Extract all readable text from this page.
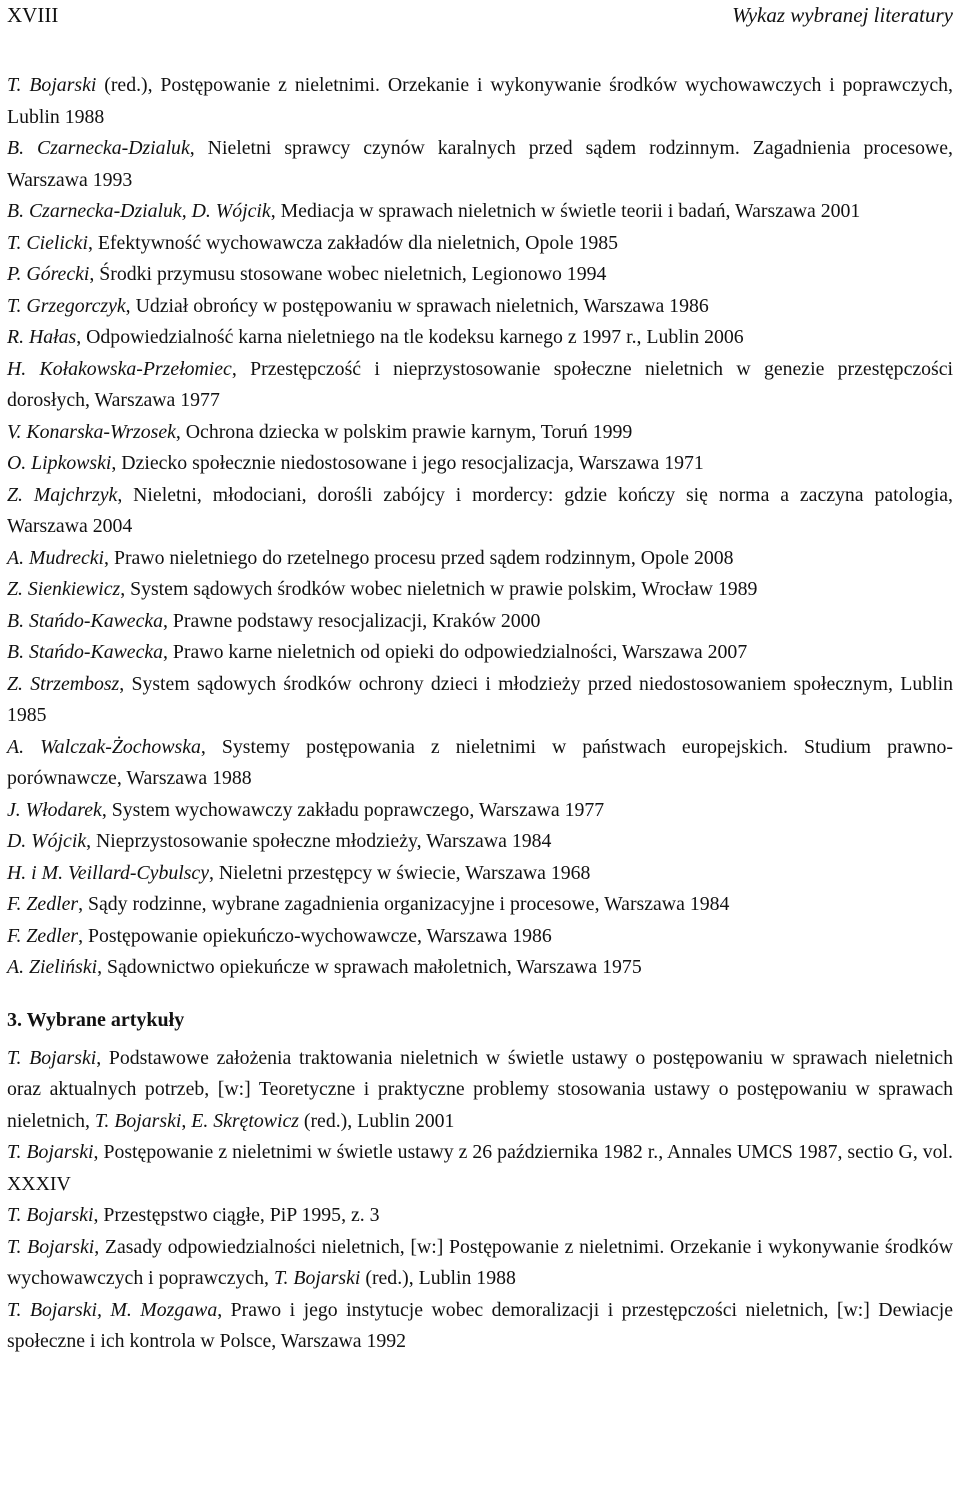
XVIII	Wykaz wybranej literatury

T. Bojarski (red.), Postępowanie z nieletnimi. Orzekanie i wykonywanie środków wychowawczych i poprawczych, Lublin 1988

B. Czarnecka-Dzialuk, Nieletni sprawcy czynów karalnych przed sądem rodzinnym. Zagadnienia procesowe, Warszawa 1993

B. Czarnecka-Dzialuk, D. Wójcik, Mediacja w sprawach nieletnich w świetle teorii i badań, Warszawa 2001

T. Cielicki, Efektywność wychowawcza zakładów dla nieletnich, Opole 1985

P. Górecki, Środki przymusu stosowane wobec nieletnich, Legionowo 1994

T. Grzegorczyk, Udział obrońcy w postępowaniu w sprawach nieletnich, Warszawa 1986

R. Hałas, Odpowiedzialność karna nieletniego na tle kodeksu karnego z 1997 r., Lublin 2006

H. Kołakowska-Przełomiec, Przestępczość i nieprzystosowanie społeczne nieletnich w genezie przestępczości dorosłych, Warszawa 1977

V. Konarska-Wrzosek, Ochrona dziecka w polskim prawie karnym, Toruń 1999

O. Lipkowski, Dziecko społecznie niedostosowane i jego resocjalizacja, Warszawa 1971

Z. Majchrzyk, Nieletni, młodociani, dorośli zabójcy i mordercy: gdzie kończy się norma a zaczyna patologia, Warszawa 2004

A. Mudrecki, Prawo nieletniego do rzetelnego procesu przed sądem rodzinnym, Opole 2008

Z. Sienkiewicz, System sądowych środków wobec nieletnich w prawie polskim, Wrocław 1989

B. Stańdo-Kawecka, Prawne podstawy resocjalizacji, Kraków 2000

B. Stańdo-Kawecka, Prawo karne nieletnich od opieki do odpowiedzialności, Warszawa 2007

Z. Strzembosz, System sądowych środków ochrony dzieci i młodzieży przed niedostosowaniem społecznym, Lublin 1985

A. Walczak-Żochowska, Systemy postępowania z nieletnimi w państwach europejskich. Studium prawno-porównawcze, Warszawa 1988

J. Włodarek, System wychowawczy zakładu poprawczego, Warszawa 1977

D. Wójcik, Nieprzystosowanie społeczne młodzieży, Warszawa 1984

H. i M. Veillard-Cybulscy, Nieletni przestępcy w świecie, Warszawa 1968

F. Zedler, Sądy rodzinne, wybrane zagadnienia organizacyjne i procesowe, Warszawa 1984

F. Zedler, Postępowanie opiekuńczo-wychowawcze, Warszawa 1986

A. Zieliński, Sądownictwo opiekuńcze w sprawach małoletnich, Warszawa 1975

3. Wybrane artykuły

T. Bojarski, Podstawowe założenia traktowania nieletnich w świetle ustawy o postępowaniu w sprawach nieletnich oraz aktualnych potrzeb, [w:] Teoretyczne i praktyczne problemy stosowania ustawy o postępowaniu w sprawach nieletnich, T. Bojarski, E. Skrętowicz (red.), Lublin 2001

T. Bojarski, Postępowanie z nieletnimi w świetle ustawy z 26 października 1982 r., Annales UMCS 1987, sectio G, vol. XXXIV

T. Bojarski, Przestępstwo ciągłe, PiP 1995, z. 3

T. Bojarski, Zasady odpowiedzialności nieletnich, [w:] Postępowanie z nieletnimi. Orzekanie i wykonywanie środków wychowawczych i poprawczych, T. Bojarski (red.), Lublin 1988

T. Bojarski, M. Mozgawa, Prawo i jego instytucje wobec demoralizacji i przestępczości nieletnich, [w:] Dewiacje społeczne i ich kontrola w Polsce, Warszawa 1992
